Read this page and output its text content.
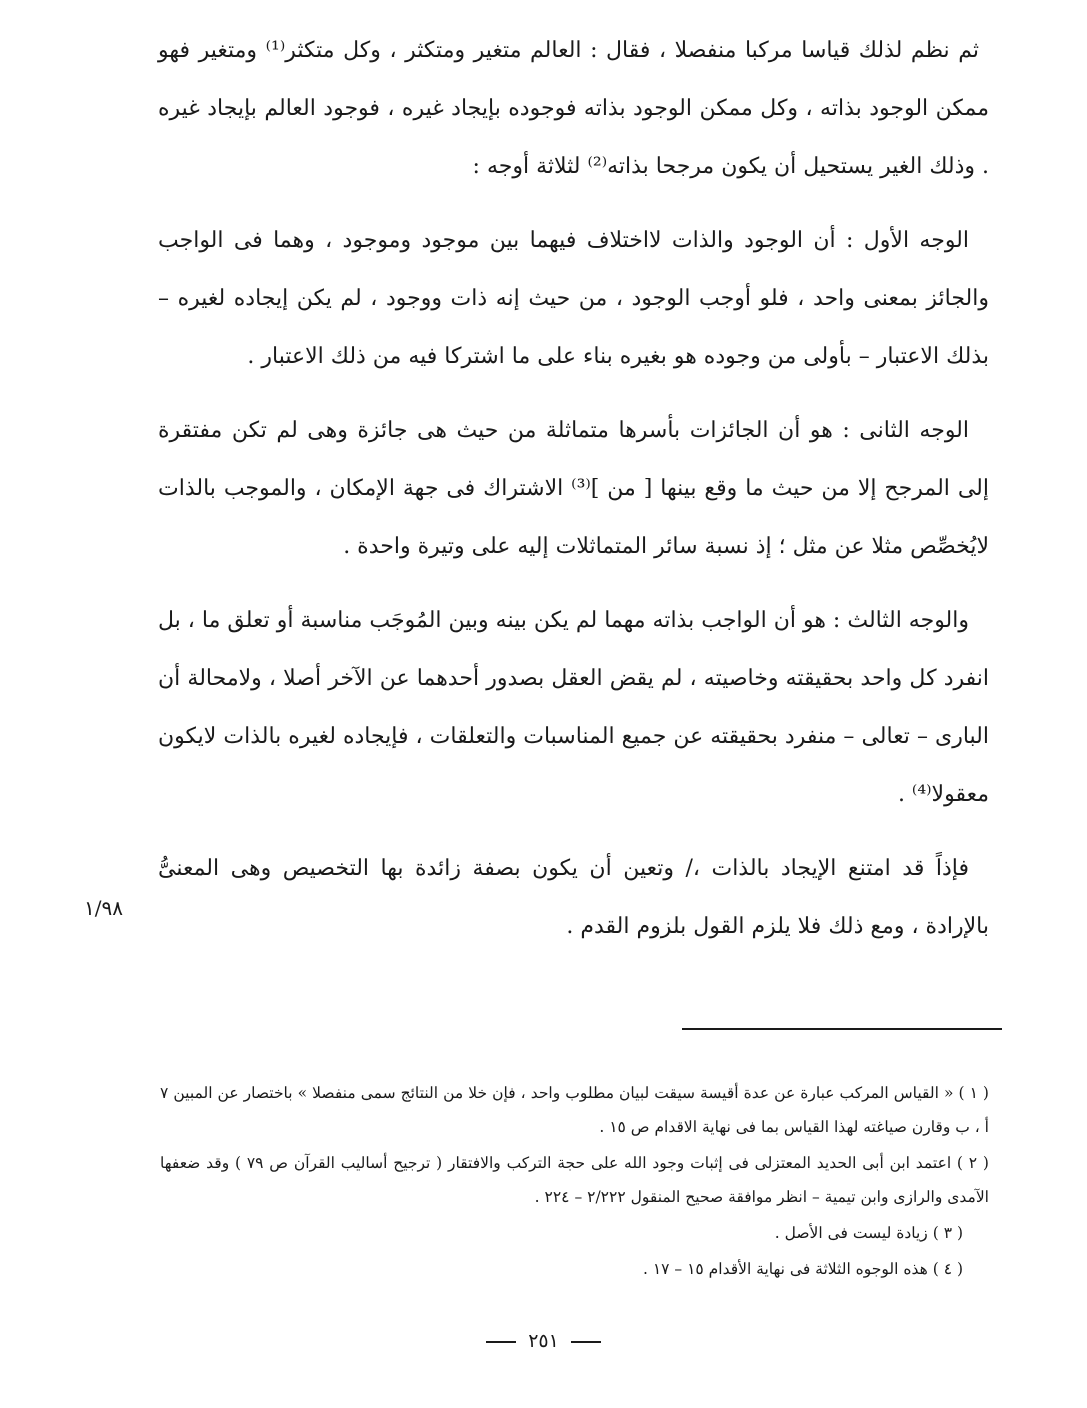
ثم نظم لذلك قياسا مركبا منفصلا ، فقال : العالم متغير ومتكثر ، وكل متكثر⁽¹⁾ ومتغير فهو ممكن الوجود بذاته ، وكل ممكن الوجود بذاته فوجوده بإيجاد غيره ، فوجود العالم بإيجاد غيره . وذلك الغير يستحيل أن يكون مرجحا بذاته⁽²⁾ لثلاثة أوجه :

الوجه الأول : أن الوجود والذات لااختلاف فيهما بين موجود وموجود ، وهما فى الواجب والجائز بمعنى واحد ، فلو أوجب الوجود ، من حيث إنه ذات ووجود ، لم يكن إيجاده لغيره – بذلك الاعتبار – بأولى من وجوده هو بغيره بناء على ما اشتركا فيه من ذلك الاعتبار .

الوجه الثانى : هو أن الجائزات بأسرها متماثلة من حيث هى جائزة وهى لم تكن مفتقرة إلى المرجح إلا من حيث ما وقع بينها [ من ]⁽³⁾ الاشتراك فى جهة الإمكان ، والموجب بالذات لايُخصِّص مثلا عن مثل ؛ إذ نسبة سائر المتماثلات إليه على وتيرة واحدة .

والوجه الثالث : هو أن الواجب بذاته مهما لم يكن بينه وبين المُوجَب مناسبة أو تعلق ما ، بل انفرد كل واحد بحقيقته وخاصيته ، لم يقض العقل بصدور أحدهما عن الآخر أصلا ، ولامحالة أن البارى – تعالى – منفرد بحقيقته عن جميع المناسبات والتعلقات ، فإيجاده لغيره بالذات لايكون معقولا⁽⁴⁾ .

فإذاً قد امتنع الإيجاد بالذات ،/ وتعين أن يكون بصفة زائدة بها التخصيص وهى المعنىُّ بالإرادة ، ومع ذلك فلا يلزم القول بلزوم القدم .

١/٩٨

( ١ ) « القياس المركب عبارة عن عدة أقيسة سيقت لبيان مطلوب واحد ، فإن خلا من النتائج سمى منفصلا » باختصار عن المبين ٧ أ ، ب وقارن صياغته لهذا القياس بما فى نهاية الاقدام ص ١٥ .

( ٢ ) اعتمد ابن أبى الحديد المعتزلى فى إثبات وجود الله على حجة التركب والافتقار ( ترجيح أساليب القرآن ص ٧٩ ) وقد ضعفها الآمدى والرازى وابن تيمية – انظر موافقة صحيح المنقول ٢/٢٢٢ – ٢٢٤ .

( ٣ ) زيادة ليست فى الأصل .

( ٤ ) هذه الوجوه الثلاثة فى نهاية الأقدام ١٥ – ١٧ .

٢٥١
